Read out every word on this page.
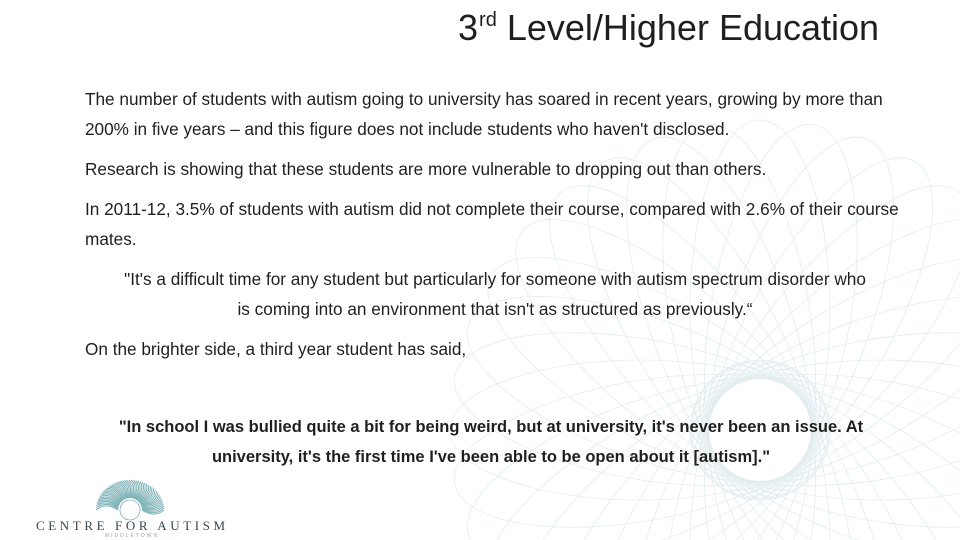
3rd Level/Higher Education

The number of students with autism going to university has soared in recent years, growing by more than 200% in five years – and this figure does not include students who haven't disclosed.

Research is showing that these students are more vulnerable to dropping out than others.

In 2011-12, 3.5% of students with autism did not complete their course, compared with 2.6% of their course mates.

"It's a difficult time for any student but particularly for someone with autism spectrum disorder who
is coming into an environment that isn't as structured as previously.“

On the brighter side, a third year student has said,

"In school I was bullied quite a bit for being weird, but at university, it's never been an issue. At university, it's the first time I've been able to be open about it [autism]."
CENTRE FOR AUTISM
MIDDLETOWN
